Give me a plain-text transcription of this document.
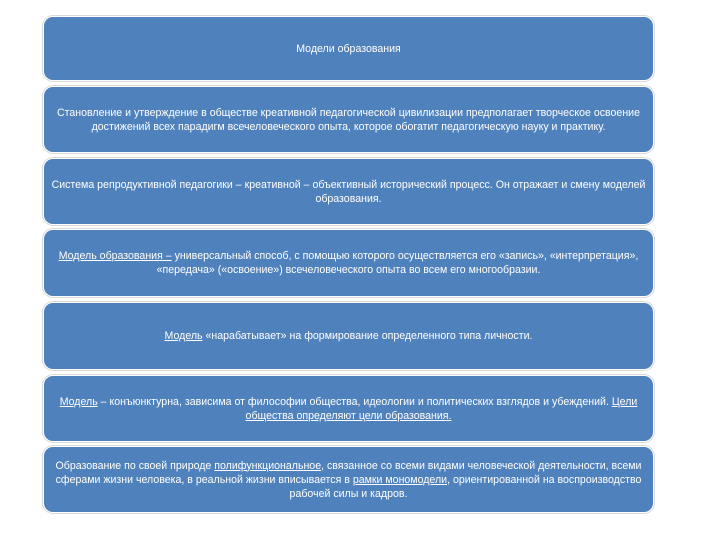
Модели образования

Становление и утверждение в обществе креативной педагогической цивилизации предполагает творческое освоение достижений всех парадигм всечеловеческого опыта, которое обогатит педагогическую науку и практику.

Система репродуктивной педагогики – креативной – объективный исторический процесс. Он отражает и смену моделей образования.

Модель образования – универсальный способ, с помощью которого осуществляется его «запись», «интерпретация», «передача» («освоение») всечеловеческого опыта во всем его многообразии.

Модель «нарабатывает» на формирование определенного типа личности.

Модель – конъюнктурна, зависима от философии общества, идеологии и политических взглядов и убеждений. Цели общества определяют цели образования.

Образование по своей природе полифункциональное, связанное со всеми видами человеческой деятельности, всеми сферами жизни человека, в реальной жизни вписывается в рамки мономодели, ориентированной на воспроизводство рабочей силы и кадров.
